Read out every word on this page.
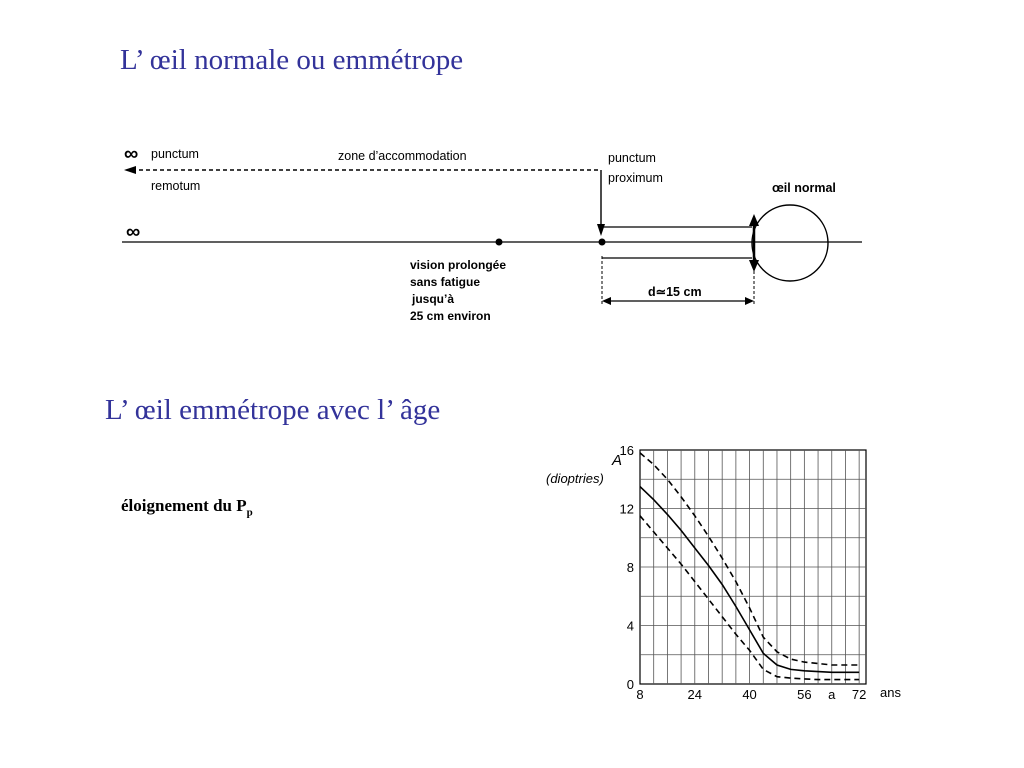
L’ œil normale ou emmétrope
L’ œil emmétrope avec l’ âge
éloignement du $P_p$
∞
∞
punctum
remotum
zone d’accommodation	punctum
proximum
œil normal
vision prolongée
sans fatigue
jusqu’à
25 cm environ
d≃15 cm
8	24	40	56 a 72
0
4
8
12
16
A
(dioptries)
ans
